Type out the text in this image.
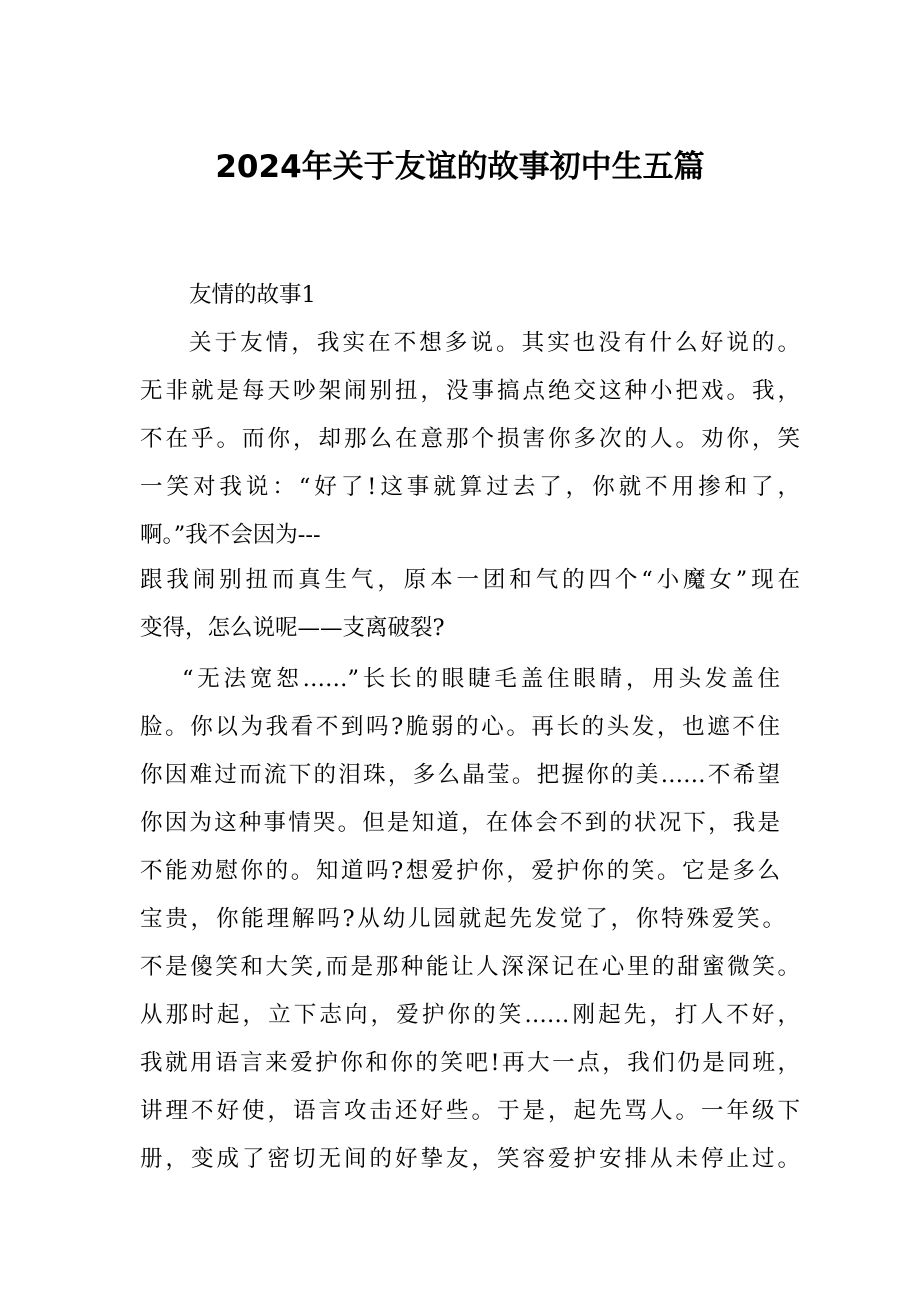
2024年关于友谊的故事初中生五篇
友情的故事1
关于友情，我实在不想多说。其实也没有什么好说的。
无非就是每天吵架闹别扭，没事搞点绝交这种小把戏。我，
不在乎。而你，却那么在意那个损害你多次的人。劝你，笑
一笑对我说：“好了!这事就算过去了，你就不用掺和了，
啊。”我不会因为---
跟我闹别扭而真生气，原本一团和气的四个“小魔女”现在
变得，怎么说呢——支离破裂?
“无法宽恕……”长长的眼睫毛盖住眼睛，用头发盖住
脸。你以为我看不到吗?脆弱的心。再长的头发，也遮不住
你因难过而流下的泪珠，多么晶莹。把握你的美……不希望
你因为这种事情哭。但是知道，在体会不到的状况下，我是
不能劝慰你的。知道吗?想爱护你，爱护你的笑。它是多么
宝贵，你能理解吗?从幼儿园就起先发觉了，你特殊爱笑。
不是傻笑和大笑,而是那种能让人深深记在心里的甜蜜微笑。
从那时起，立下志向，爱护你的笑……刚起先，打人不好，
我就用语言来爱护你和你的笑吧!再大一点，我们仍是同班，
讲理不好使，语言攻击还好些。于是，起先骂人。一年级下
册，变成了密切无间的好挚友，笑容爱护安排从未停止过。
